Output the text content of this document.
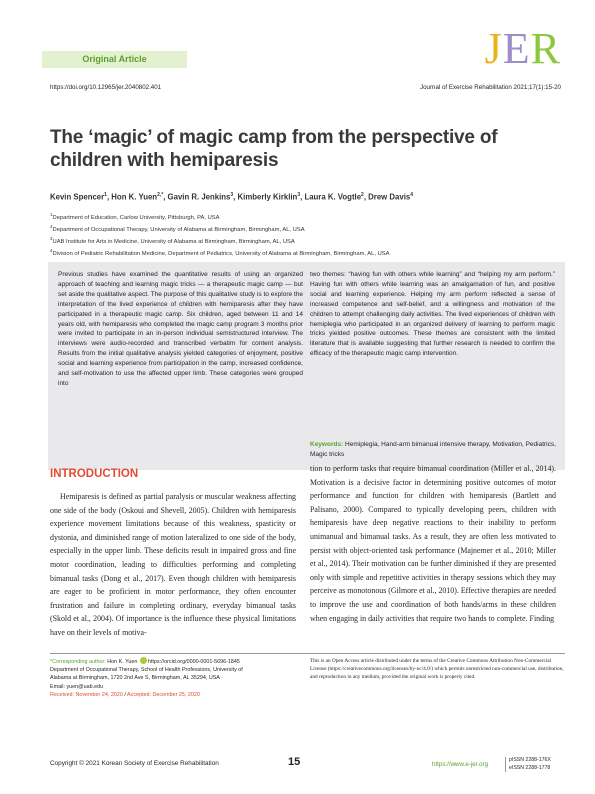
Original Article	JER
https://doi.org/10.12965/jer.2040802.401	Journal of Exercise Rehabilitation 2021;17(1):15-20
The ‘magic’ of magic camp from the perspective of children with hemiparesis
Kevin Spencer$^1$, Hon K. Yuen$^{2,*}$, Gavin R. Jenkins$^3$, Kimberly Kirklin$^3$, Laura K. Vogtle$^2$, Drew Davis$^4$
$^1$Department of Education, Carlow University, Pittsburgh, PA, USA
$^2$Department of Occupational Therapy, University of Alabama at Birmingham, Birmingham, AL, USA
$^3$UAB Institute for Arts in Medicine, University of Alabama at Birmingham, Birmingham, AL, USA
$^4$Division of Pediatric Rehabilitation Medicine, Department of Pediatrics, University of Alabama at Birmingham, Birmingham, AL, USA
Previous studies have examined the quantitative results of using an organized approach of teaching and learning magic tricks — a therapeutic magic camp — but set aside the qualitative aspect. The purpose of this qualitative study is to explore the interpretation of the lived experience of children with hemiparesis after they have participated in a therapeutic magic camp. Six children, aged between 11 and 14 years old, with hemiparesis who completed the magic camp program 3 months prior were invited to participate in an in-person individual semistructured interview. The interviews were audio-recorded and transcribed verbatim for content analysis. Results from the initial qualitative analysis yielded categories of enjoyment, positive social and learning experience from participation in the camp, increased confidence, and self-motivation to use the affected upper limb. These categories were grouped into
two themes: “having fun with others while learning” and “helping my arm perform.” Having fun with others while learning was an amalgamation of fun, and positive social and learning experience. Helping my arm perform reflected a sense of increased competence and self-belief, and a willingness and motivation of the children to attempt challenging daily activities. The lived experiences of children with hemiplegia who participated in an organized delivery of learning to perform magic tricks yielded positive outcomes. These themes are consistent with the limited literature that is available suggesting that further research is needed to confirm the efficacy of the therapeutic magic camp intervention.
Keywords: Hemiplegia, Hand-arm bimanual intensive therapy, Motivation, Pediatrics, Magic tricks
INTRODUCTION
Hemiparesis is defined as partial paralysis or muscular weakness affecting one side of the body (Oskoui and Shevell, 2005). Children with hemiparesis experience movement limitations because of this weakness, spasticity or dystonia, and diminished range of motion lateralized to one side of the body, especially in the upper limb. These deficits result in impaired gross and fine motor coordination, leading to difficulties performing and completing bimanual tasks (Dong et al., 2017). Even though children with hemiparesis are eager to be proficient in motor performance, they often encounter frustration and failure in completing ordinary, everyday bimanual tasks (Skold et al., 2004). Of importance is the influence these physical limitations have on their levels of motiva-
tion to perform tasks that require bimanual coordination (Miller et al., 2014). Motivation is a decisive factor in determining positive outcomes of motor performance and function for children with hemiparesis (Bartlett and Palisano, 2000). Compared to typically developing peers, children with hemiparesis have deep negative reactions to their inability to perform unimanual and bimanual tasks. As a result, they are often less motivated to persist with object-oriented task performance (Majnemer et al., 2010; Miller et al., 2014). Their motivation can be further diminished if they are presented only with simple and repetitive activities in therapy sessions which they may perceive as monotonous (Gilmore et al., 2010). Effective therapies are needed to improve the use and coordination of both hands/arms in these children when engaging in daily activities that require two hands to complete. Finding
*Corresponding author: Hon K. Yuen https://orcid.org/0000-0001-5696-1845
Department of Occupational Therapy, School of Health Professions, University of
Alabama at Birmingham, 1720 2nd Ave S, Birmingham, AL 35294, USA
Email: yuen@uab.edu
Received: November 24, 2020 / Accepted: December 25, 2020
This is an Open Access article distributed under the terms of the Creative Commons Attribution Non-Commercial License (https://creativecommons.org/licenses/by-nc/4.0/) which permits unrestricted non-commercial use, distribution, and reproduction in any medium, provided the original work is properly cited.
Copyright © 2021 Korean Society of Exercise Rehabilitation	15	https://www.e-jer.org
pISSN 2288-176X
eISSN 2288-1778
